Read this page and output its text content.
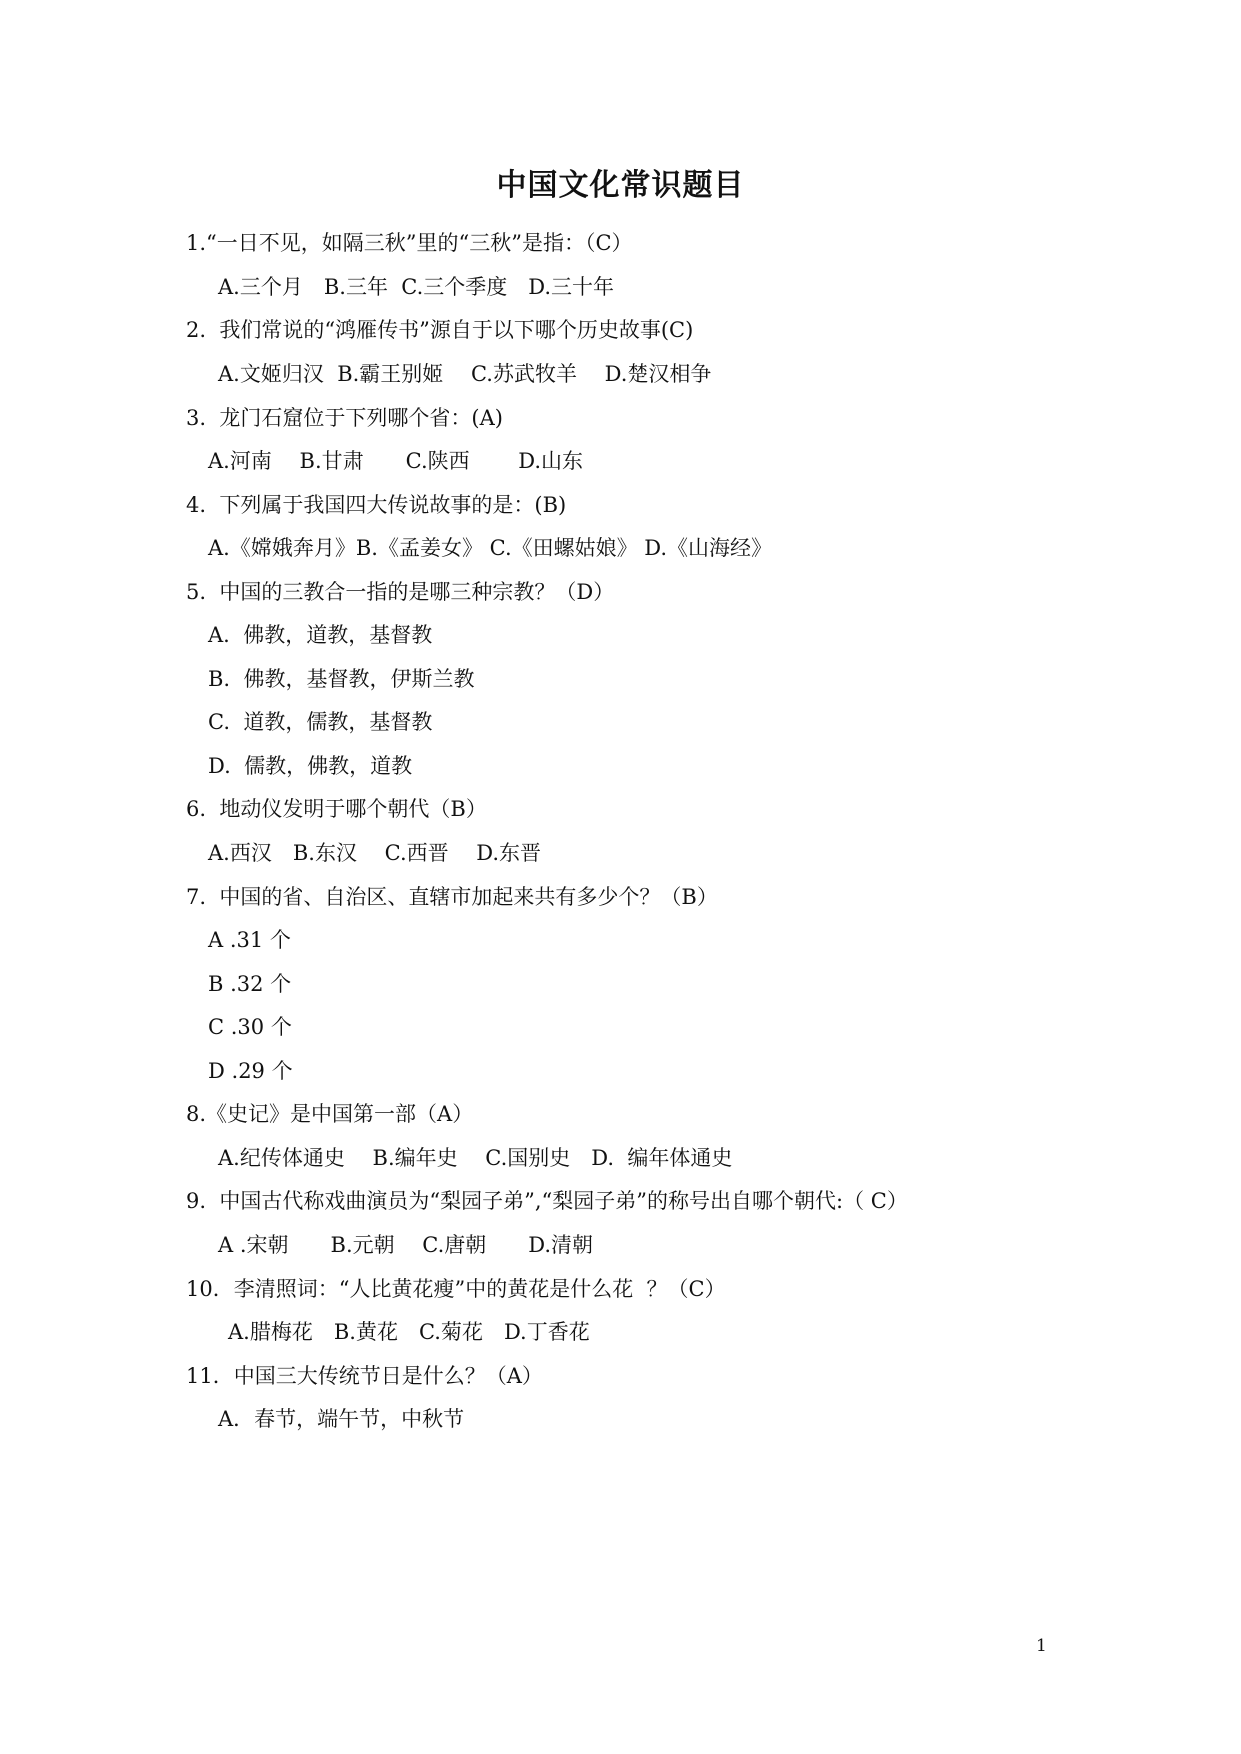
中国文化常识题目
1.“一日不见，如隔三秋”里的“三秋”是指：（C）
A.三个月　B.三年  C.三个季度　D.三十年
2.  我们常说的“鸿雁传书”源自于以下哪个历史故事(C)
A.文姬归汉  B.霸王别姬　 C.苏武牧羊　 D.楚汉相争
3.  龙门石窟位于下列哪个省：(A)
A.河南　 B.甘肃　　C.陕西　　 D.山东
4.  下列属于我国四大传说故事的是：(B)
A.《嫦娥奔月》B.《孟姜女》 C.《田螺姑娘》 D.《山海经》
5.  中国的三教合一指的是哪三种宗教？（D）
A.  佛教，道教，基督教
B.  佛教，基督教，伊斯兰教
C.  道教，儒教，基督教
D.  儒教，佛教，道教
6.  地动仪发明于哪个朝代（B）
A.西汉　B.东汉　 C.西晋　 D.东晋
7.  中国的省、自治区、直辖市加起来共有多少个？（B）
A .31 个
B .32 个
C .30 个
D .29 个
8.《史记》是中国第一部（A）
A.纪传体通史　 B.编年史　 C.国别史　D.  编年体通史
9.  中国古代称戏曲演员为“梨园子弟”,“梨园子弟”的称号出自哪个朝代:（ C）
A .宋朝　　B.元朝　 C.唐朝　　D.清朝
10．李清照词：“人比黄花瘦”中的黄花是什么花  ？（C）
A.腊梅花　B.黄花　C.菊花　D.丁香花
11．中国三大传统节日是什么？（A）
A．春节，端午节，中秋节
1
